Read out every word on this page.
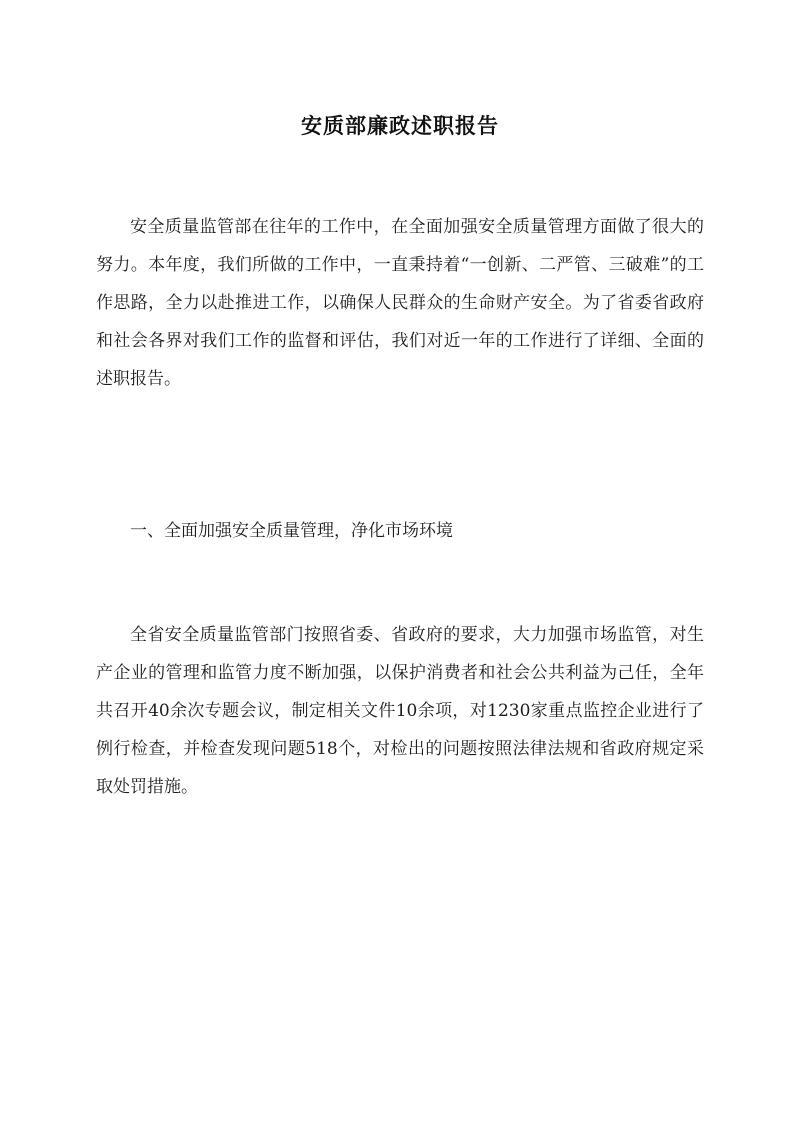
安质部廉政述职报告

安全质量监管部在往年的工作中，在全面加强安全质量管理方面做了很大的努力。本年度，我们所做的工作中，一直秉持着“一创新、二严管、三破难”的工作思路，全力以赴推进工作，以确保人民群众的生命财产安全。为了省委省政府和社会各界对我们工作的监督和评估，我们对近一年的工作进行了详细、全面的述职报告。

一、全面加强安全质量管理，净化市场环境

全省安全质量监管部门按照省委、省政府的要求，大力加强市场监管，对生产企业的管理和监管力度不断加强，以保护消费者和社会公共利益为己任，全年共召开40余次专题会议，制定相关文件10余项，对1230家重点监控企业进行了例行检查，并检查发现问题518个，对检出的问题按照法律法规和省政府规定采取处罚措施。
